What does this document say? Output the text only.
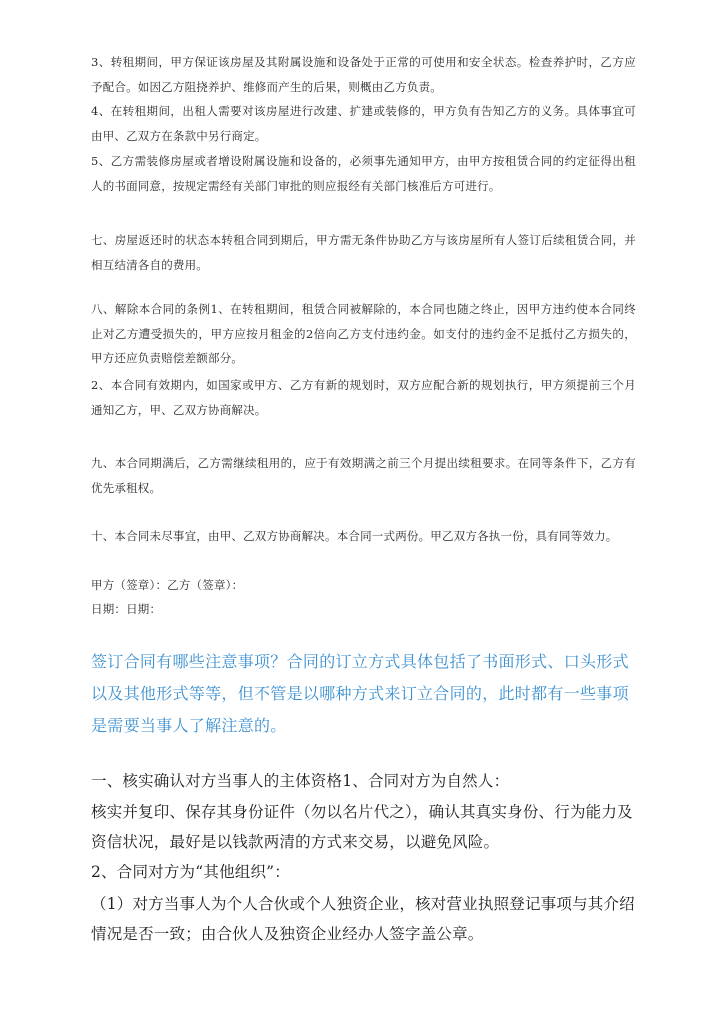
3、转租期间，甲方保证该房屋及其附属设施和设备处于正常的可使用和安全状态。检查养护时，乙方应予配合。如因乙方阻挠养护、维修而产生的后果，则概由乙方负责。
4、在转租期间，出租人需要对该房屋进行改建、扩建或装修的，甲方负有告知乙方的义务。具体事宜可由甲、乙双方在条款中另行商定。
5、乙方需装修房屋或者增设附属设施和设备的，必须事先通知甲方，由甲方按租赁合同的约定征得出租人的书面同意，按规定需经有关部门审批的则应报经有关部门核准后方可进行。
七、房屋返还时的状态本转租合同到期后，甲方需无条件协助乙方与该房屋所有人签订后续租赁合同，并相互结清各自的费用。
八、解除本合同的条例1、在转租期间，租赁合同被解除的，本合同也随之终止，因甲方违约使本合同终止对乙方遭受损失的，甲方应按月租金的2倍向乙方支付违约金。如支付的违约金不足抵付乙方损失的，甲方还应负责赔偿差额部分。
2、本合同有效期内，如国家或甲方、乙方有新的规划时，双方应配合新的规划执行，甲方须提前三个月通知乙方，甲、乙双方协商解决。
九、本合同期满后，乙方需继续租用的，应于有效期满之前三个月提出续租要求。在同等条件下，乙方有优先承租权。
十、本合同未尽事宜，由甲、乙双方协商解决。本合同一式两份。甲乙双方各执一份，具有同等效力。
甲方（签章）：乙方（签章）：
日期：日期：
签订合同有哪些注意事项？合同的订立方式具体包括了书面形式、口头形式以及其他形式等等，但不管是以哪种方式来订立合同的，此时都有一些事项是需要当事人了解注意的。
一、核实确认对方当事人的主体资格1、合同对方为自然人：
核实并复印、保存其身份证件（勿以名片代之），确认其真实身份、行为能力及资信状况，最好是以钱款两清的方式来交易，以避免风险。
2、合同对方为“其他组织”：
（1）对方当事人为个人合伙或个人独资企业，核对营业执照登记事项与其介绍情况是否一致；由合伙人及独资企业经办人签字盖公章。
